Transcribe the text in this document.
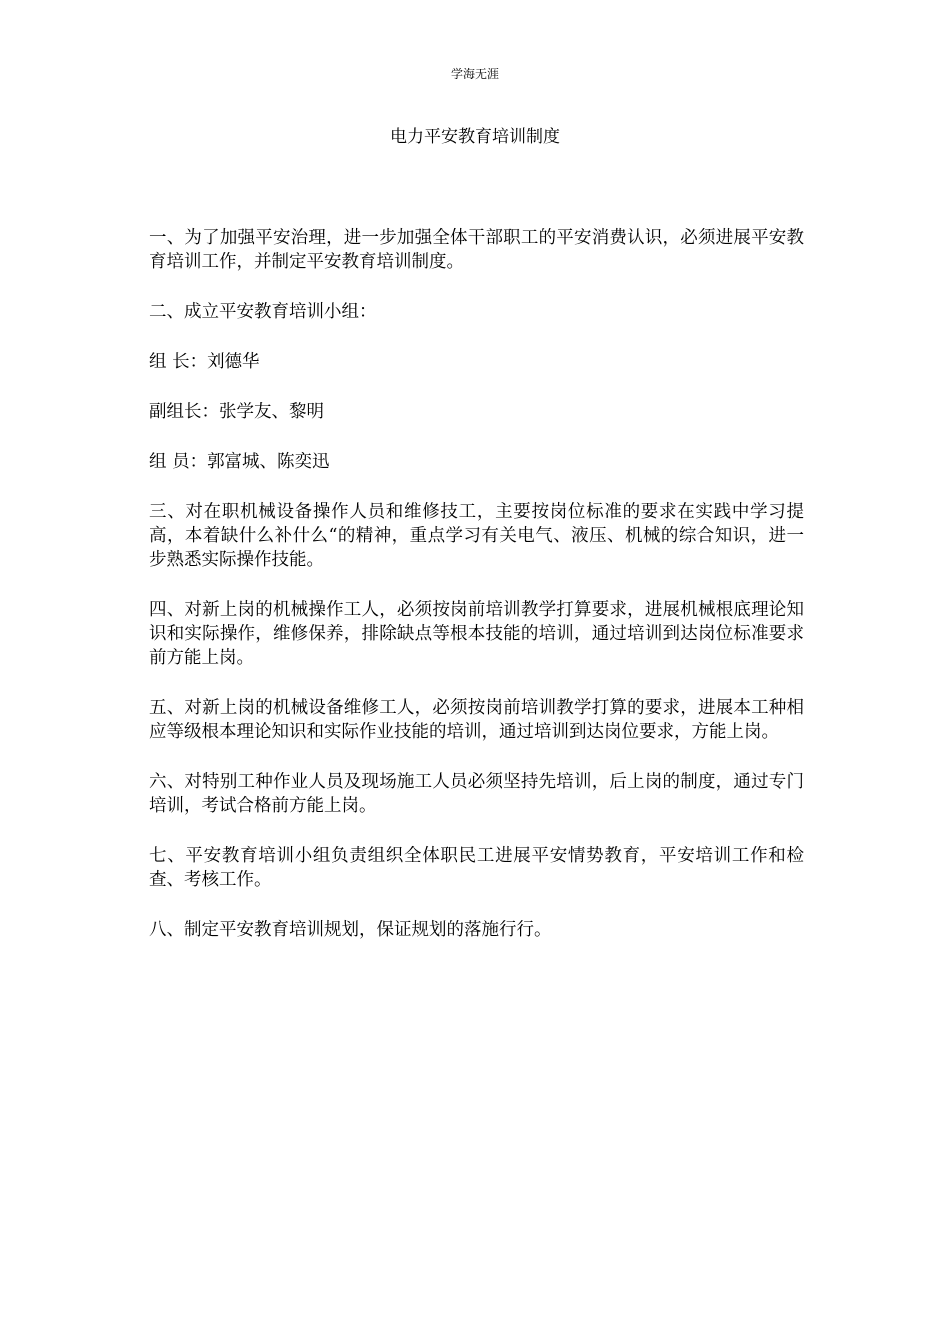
学海无涯
电力平安教育培训制度

一、为了加强平安治理，进一步加强全体干部职工的平安消费认识，必须进展平安教育培训工作，并制定平安教育培训制度。

二、成立平安教育培训小组：

组 长：刘德华

副组长：张学友、黎明

组 员：郭富城、陈奕迅

三、对在职机械设备操作人员和维修技工，主要按岗位标准的要求在实践中学习提高，本着缺什么补什么“的精神，重点学习有关电气、液压、机械的综合知识，进一步熟悉实际操作技能。

四、对新上岗的机械操作工人，必须按岗前培训教学打算要求，进展机械根底理论知识和实际操作，维修保养，排除缺点等根本技能的培训，通过培训到达岗位标准要求前方能上岗。

五、对新上岗的机械设备维修工人，必须按岗前培训教学打算的要求，进展本工种相应等级根本理论知识和实际作业技能的培训，通过培训到达岗位要求，方能上岗。

六、对特别工种作业人员及现场施工人员必须坚持先培训，后上岗的制度，通过专门培训，考试合格前方能上岗。

七、平安教育培训小组负责组织全体职民工进展平安情势教育，平安培训工作和检查、考核工作。

八、制定平安教育培训规划，保证规划的落施行行。
